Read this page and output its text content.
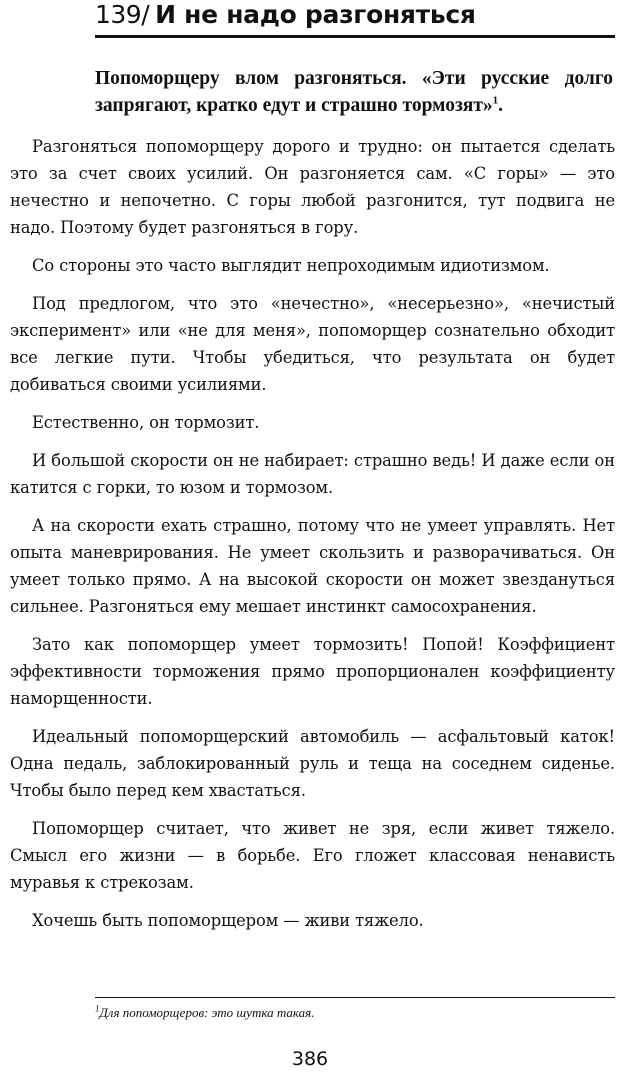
139/ И не надо разгоняться
Попоморщеру влом разгоняться. «Эти русские долго запрягают, кратко едут и страшно тормозят»$^1$.

Разгоняться попоморщеру дорого и трудно: он пытается сделать это за счет своих усилий. Он разгоняется сам. «С горы» — это нечестно и непочетно. С горы любой разгонится, тут подвига не надо. Поэтому будет разгоняться в гору.

Со стороны это часто выглядит непроходимым идиотизмом.

Под предлогом, что это «нечестно», «несерьезно», «нечистый эксперимент» или «не для меня», попоморщер сознательно обходит все легкие пути. Чтобы убедиться, что результата он будет добиваться своими усилиями.

Естественно, он тормозит.

И большой скорости он не набирает: страшно ведь! И даже если он катится с горки, то юзом и тормозом.

А на скорости ехать страшно, потому что не умеет управлять. Нет опыта маневрирования. Не умеет скользить и разворачиваться. Он умеет только прямо. А на высокой скорости он может звездануться сильнее. Разгоняться ему мешает инстинкт самосохранения.

Зато как попоморщер умеет тормозить! Попой! Коэффициент эффективности торможения прямо пропорционален коэффициенту наморщенности.

Идеальный попоморщерский автомобиль — асфальтовый каток! Одна педаль, заблокированный руль и теща на соседнем сиденье. Чтобы было перед кем хвастаться.

Попоморщер считает, что живет не зря, если живет тяжело. Смысл его жизни — в борьбе. Его гложет классовая ненависть муравья к стрекозам.

Хочешь быть попоморщером — живи тяжело.

$^1$Для попоморщеров: это шутка такая.
386
